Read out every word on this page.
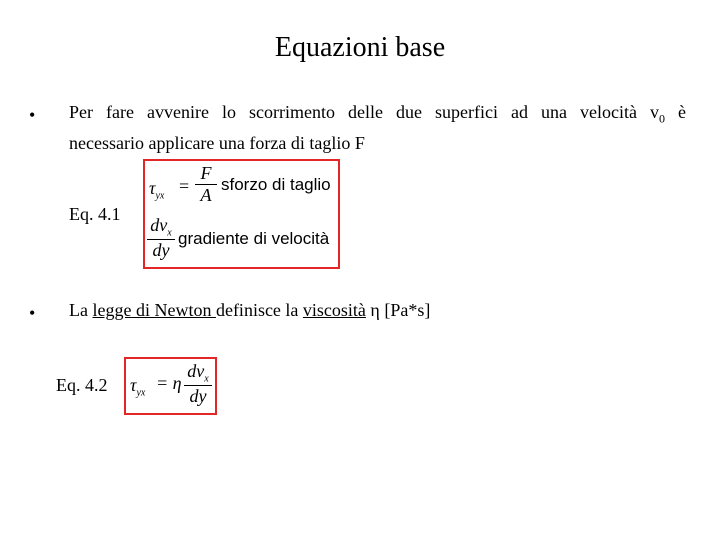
Equazioni base
• Per fare avvenire lo scorrimento delle due superfici ad una velocità $v_0$ è
necessario applicare una forza di taglio F
Eq. 4.1
$\tau_{yx}$
=
F
A
sforzo di taglio
$dv_x$
dy
gradiente di velocità
• La legge di Newton definisce la viscosità η [Pa*s]
Eq. 4.2 $\tau_{yx}$
= η
$dv_x$
dy
